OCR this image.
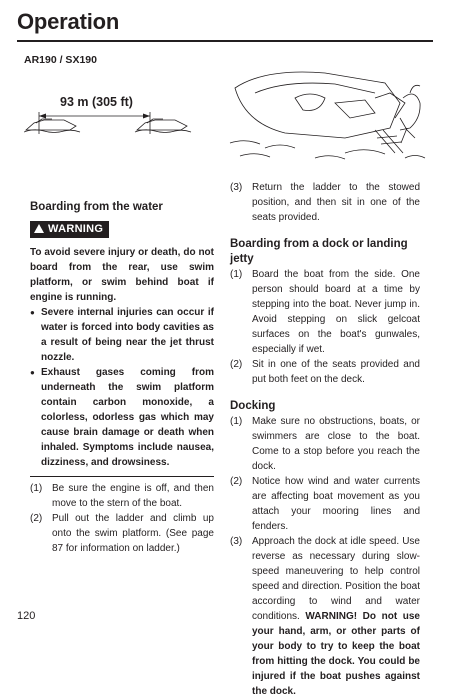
Operation
AR190 / SX190
93 m (305 ft)
Boarding from the water
WARNING
To avoid severe injury or death, do not board from the rear, use swim platform, or swim behind boat if engine is running.
● Severe internal injuries can occur if water is forced into body cavities as a result of being near the jet thrust nozzle.
● Exhaust gases coming from underneath the swim platform contain carbon monoxide, a colorless, odorless gas which may cause brain damage or death when inhaled. Symptoms include nausea, dizziness, and drowsiness.
(1) Be sure the engine is off, and then move to the stern of the boat.
(2) Pull out the ladder and climb up onto the swim platform. (See page 87 for information on ladder.)
(3) Return the ladder to the stowed position, and then sit in one of the seats provided.
Boarding from a dock or landing jetty
(1) Board the boat from the side. One person should board at a time by stepping into the boat. Never jump in. Avoid stepping on slick gelcoat surfaces on the boat's gunwales, especially if wet.
(2) Sit in one of the seats provided and put both feet on the deck.
Docking
(1) Make sure no obstructions, boats, or swimmers are close to the boat. Come to a stop before you reach the dock.
(2) Notice how wind and water currents are affecting boat movement as you attach your mooring lines and fenders.
(3) Approach the dock at idle speed. Use reverse as necessary during slow-speed maneuvering to help control speed and direction. Position the boat according to wind and water conditions. WARNING! Do not use your hand, arm, or other parts of your body to try to keep the boat from hitting the dock. You could be injured if the boat pushes against the dock.
120
